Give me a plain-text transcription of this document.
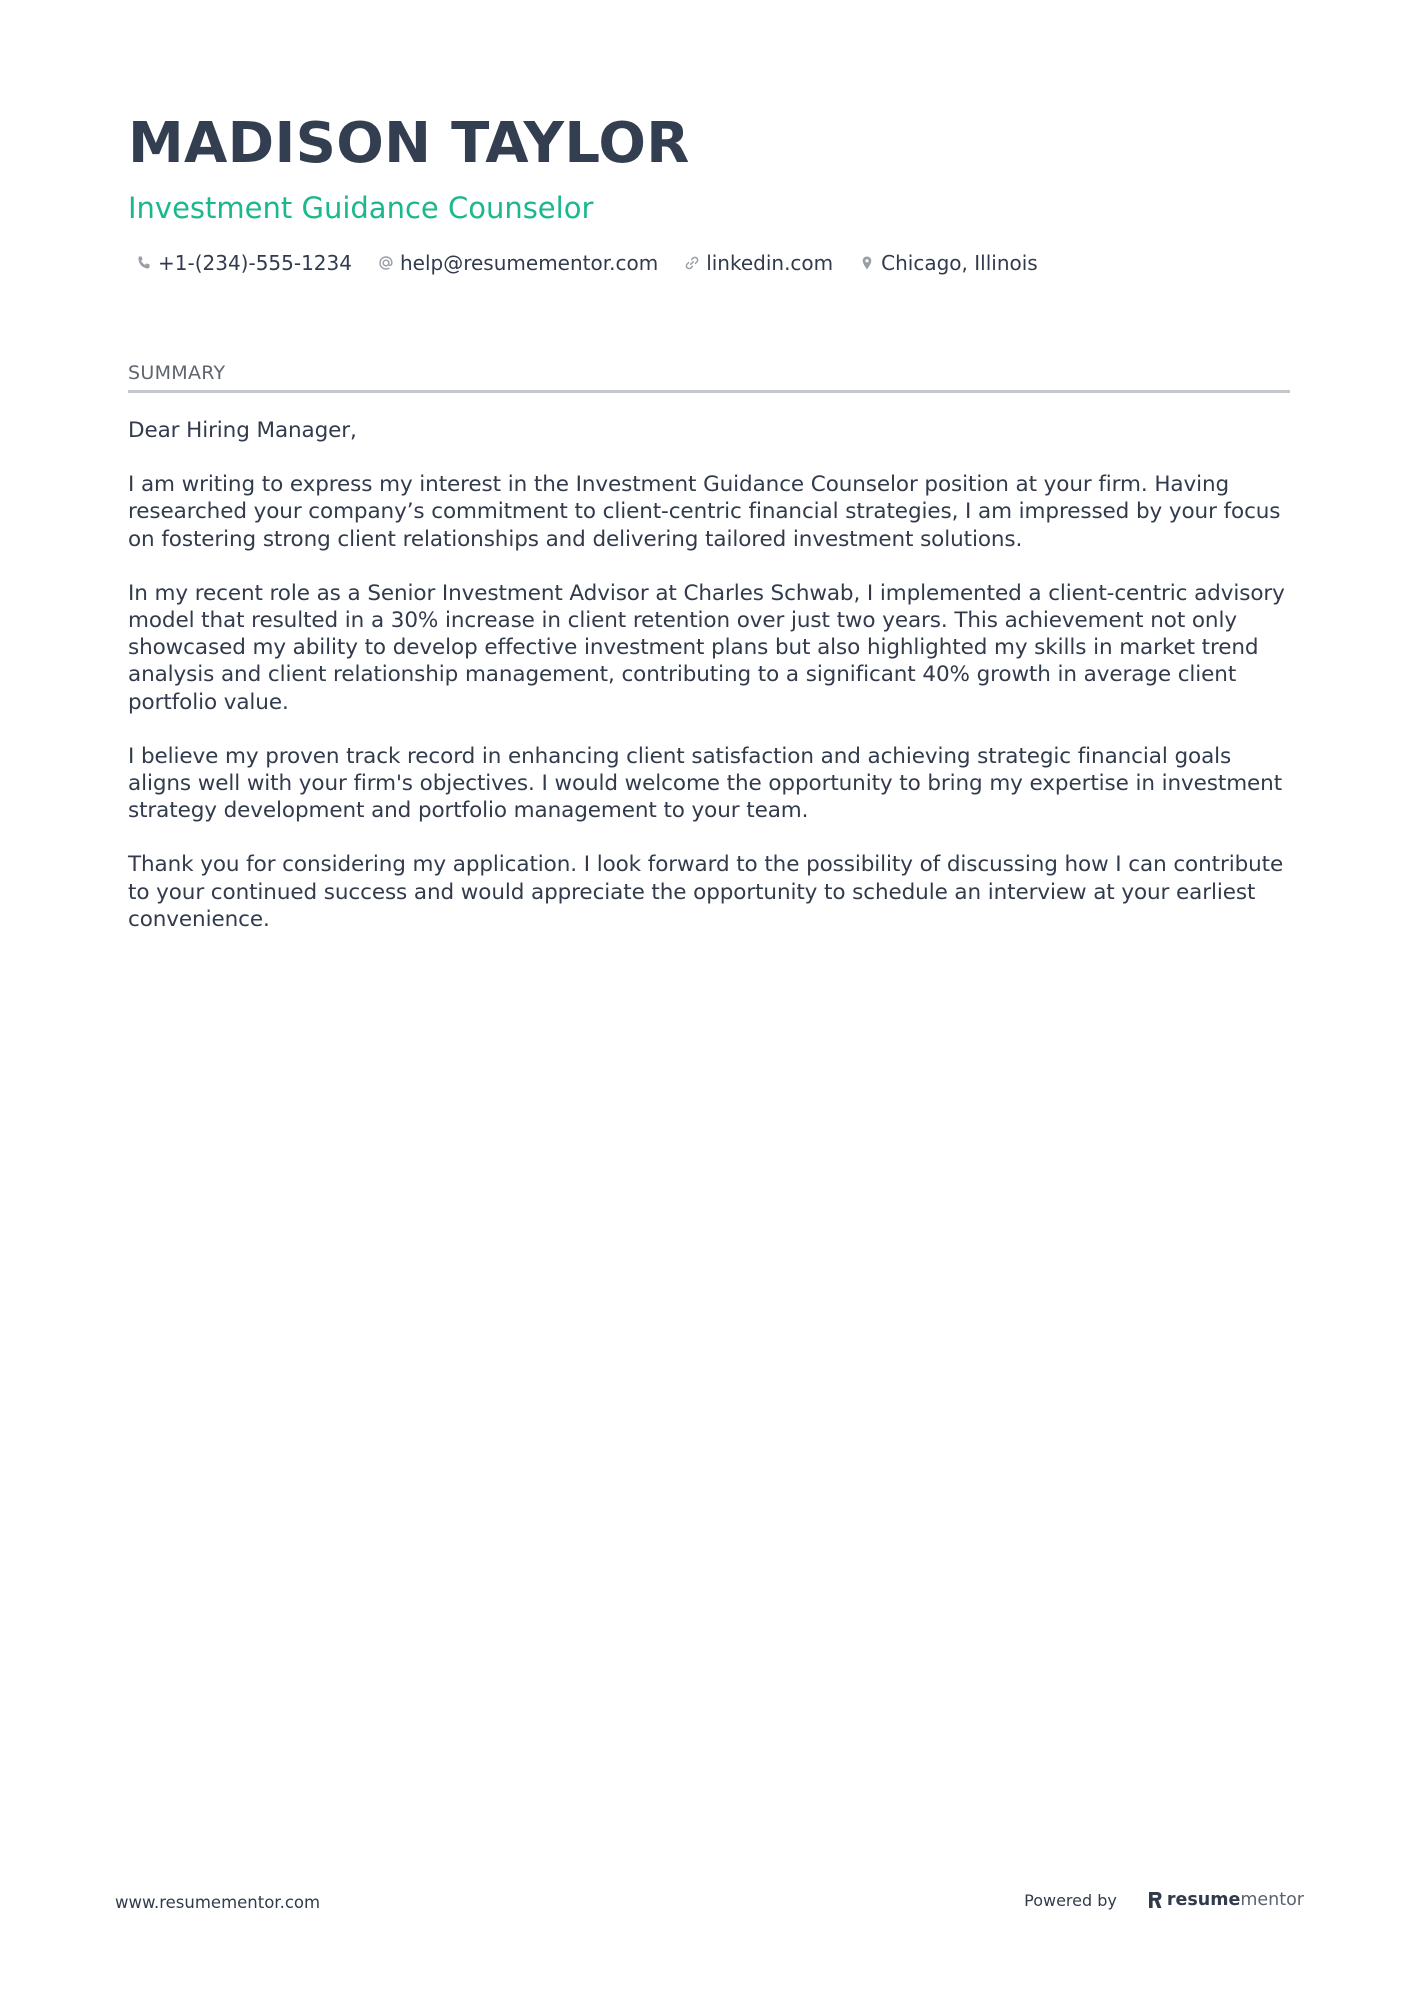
MADISON TAYLOR
Investment Guidance Counselor
+1-(234)-555-1234 help@resumementor.com linkedin.com Chicago, Illinois
SUMMARY

Dear Hiring Manager,

I am writing to express my interest in the Investment Guidance Counselor position at your firm. Having researched your company’s commitment to client-centric financial strategies, I am impressed by your focus on fostering strong client relationships and delivering tailored investment solutions.

In my recent role as a Senior Investment Advisor at Charles Schwab, I implemented a client-centric advisory model that resulted in a 30% increase in client retention over just two years. This achievement not only showcased my ability to develop effective investment plans but also highlighted my skills in market trend analysis and client relationship management, contributing to a significant 40% growth in average client portfolio value.

I believe my proven track record in enhancing client satisfaction and achieving strategic financial goals aligns well with your firm's objectives. I would welcome the opportunity to bring my expertise in investment strategy development and portfolio management to your team.

Thank you for considering my application. I look forward to the possibility of discussing how I can contribute to your continued success and would appreciate the opportunity to schedule an interview at your earliest convenience.

www.resumementor.com	Powered by	resumementor
